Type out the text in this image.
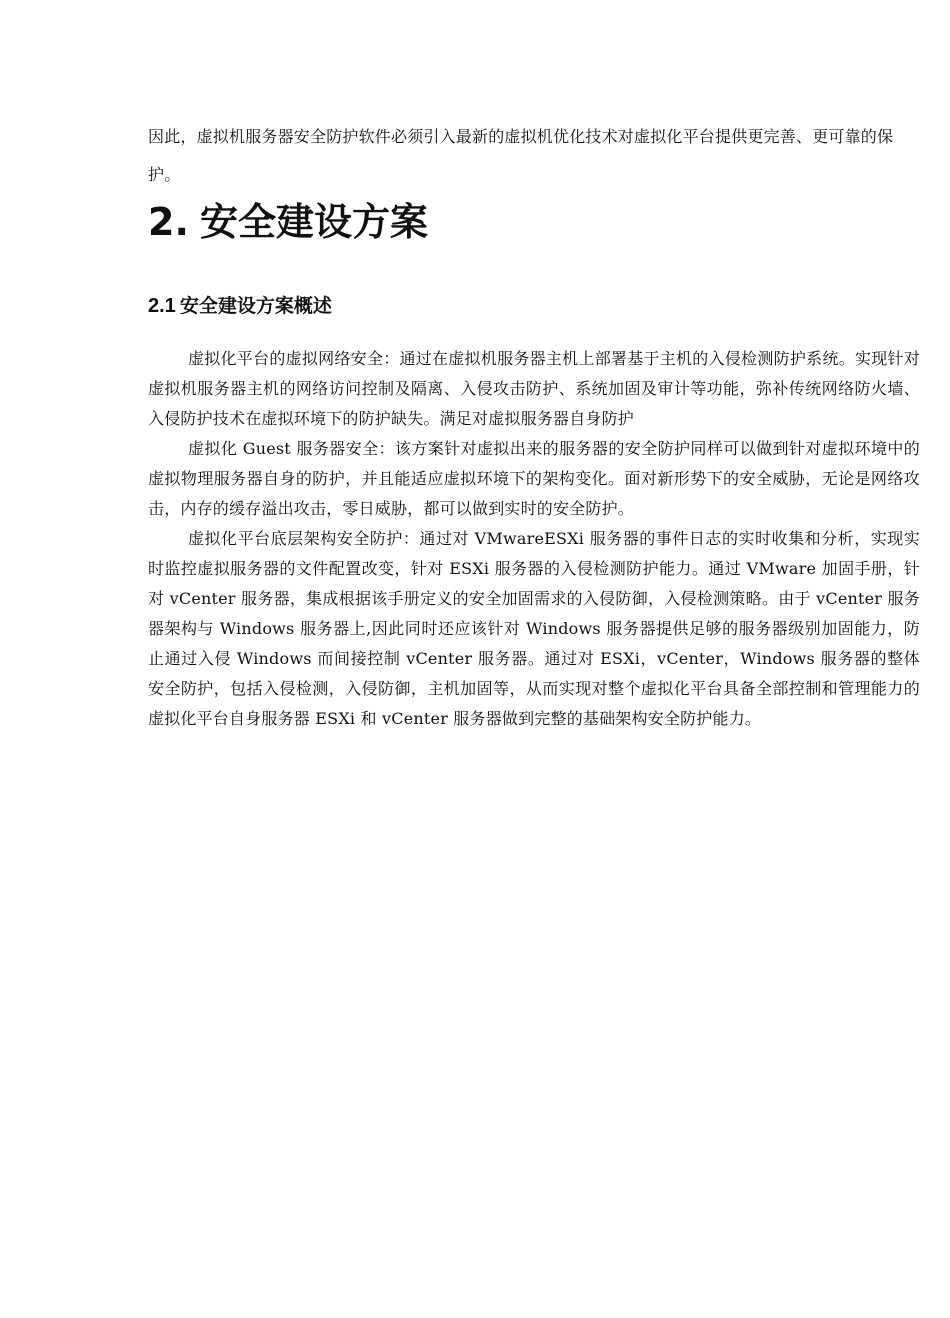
因此，虚拟机服务器安全防护软件必须引入最新的虚拟机优化技术对虚拟化平台提供更完善、更可靠的保护。

2. 安全建设方案
2.1 安全建设方案概述

虚拟化平台的虚拟网络安全：通过在虚拟机服务器主机上部署基于主机的入侵检测防护系统。实现针对虚拟机服务器主机的网络访问控制及隔离、入侵攻击防护、系统加固及审计等功能，弥补传统网络防火墙、入侵防护技术在虚拟环境下的防护缺失。满足对虚拟服务器自身防护

虚拟化 Guest 服务器安全：该方案针对虚拟出来的服务器的安全防护同样可以做到针对虚拟环境中的虚拟物理服务器自身的防护，并且能适应虚拟环境下的架构变化。面对新形势下的安全威胁，无论是网络攻击，内存的缓存溢出攻击，零日威胁，都可以做到实时的安全防护。

虚拟化平台底层架构安全防护：通过对 VMwareESXi 服务器的事件日志的实时收集和分析，实现实时监控虚拟服务器的文件配置改变，针对 ESXi 服务器的入侵检测防护能力。通过 VMware 加固手册，针对 vCenter 服务器，集成根据该手册定义的安全加固需求的入侵防御，入侵检测策略。由于 vCenter 服务器架构与 Windows 服务器上,因此同时还应该针对 Windows 服务器提供足够的服务器级别加固能力，防止通过入侵 Windows 而间接控制 vCenter 服务器。通过对 ESXi，vCenter，Windows 服务器的整体安全防护，包括入侵检测，入侵防御，主机加固等，从而实现对整个虚拟化平台具备全部控制和管理能力的虚拟化平台自身服务器 ESXi 和 vCenter 服务器做到完整的基础架构安全防护能力。
